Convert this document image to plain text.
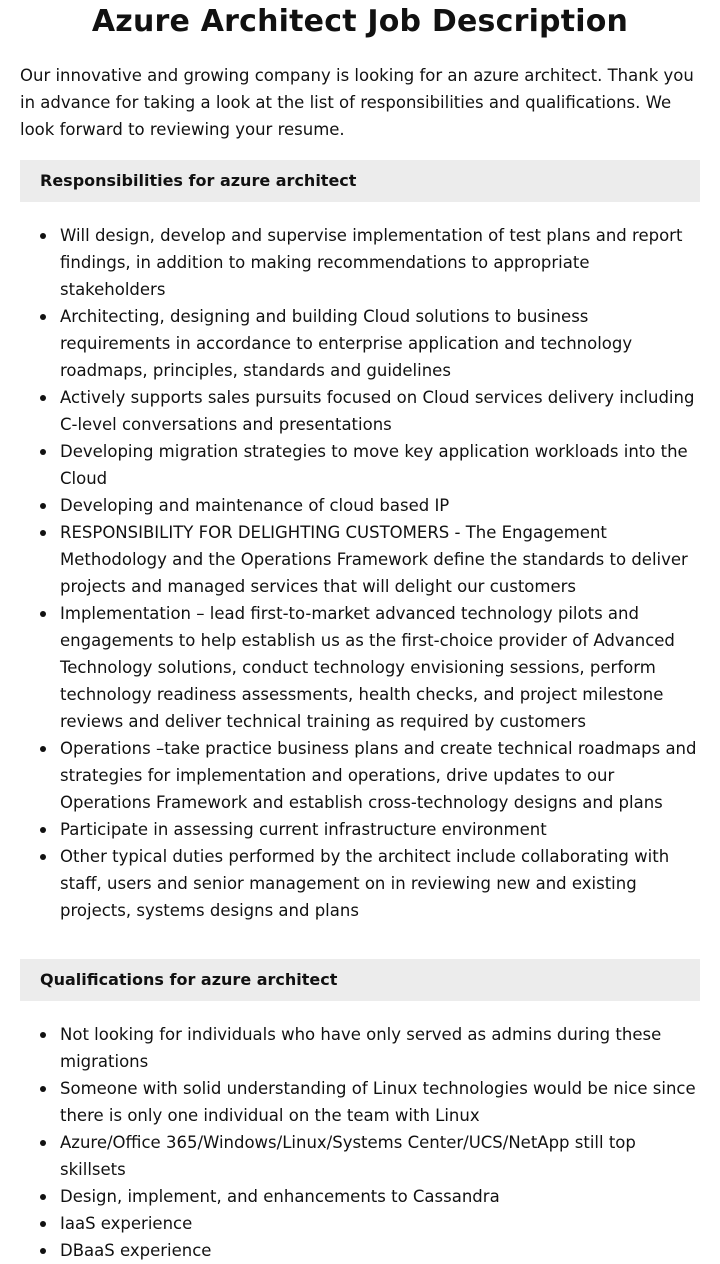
Azure Architect Job Description

Our innovative and growing company is looking for an azure architect. Thank you in advance for taking a look at the list of responsibilities and qualifications. We look forward to reviewing your resume.

Responsibilities for azure architect
Will design, develop and supervise implementation of test plans and report findings, in addition to making recommendations to appropriate stakeholders
Architecting, designing and building Cloud solutions to business requirements in accordance to enterprise application and technology roadmaps, principles, standards and guidelines
Actively supports sales pursuits focused on Cloud services delivery including C-level conversations and presentations
Developing migration strategies to move key application workloads into the Cloud
Developing and maintenance of cloud based IP
RESPONSIBILITY FOR DELIGHTING CUSTOMERS - The Engagement Methodology and the Operations Framework define the standards to deliver projects and managed services that will delight our customers
Implementation – lead first-to-market advanced technology pilots and engagements to help establish us as the first-choice provider of Advanced Technology solutions, conduct technology envisioning sessions, perform technology readiness assessments, health checks, and project milestone reviews and deliver technical training as required by customers
Operations –take practice business plans and create technical roadmaps and strategies for implementation and operations, drive updates to our Operations Framework and establish cross-technology designs and plans
Participate in assessing current infrastructure environment
Other typical duties performed by the architect include collaborating with staff, users and senior management on in reviewing new and existing projects, systems designs and plans
Qualifications for azure architect
Not looking for individuals who have only served as admins during these migrations
Someone with solid understanding of Linux technologies would be nice since there is only one individual on the team with Linux
Azure/Office 365/Windows/Linux/Systems Center/UCS/NetApp still top skillsets
Design, implement, and enhancements to Cassandra
IaaS experience
DBaaS experience
